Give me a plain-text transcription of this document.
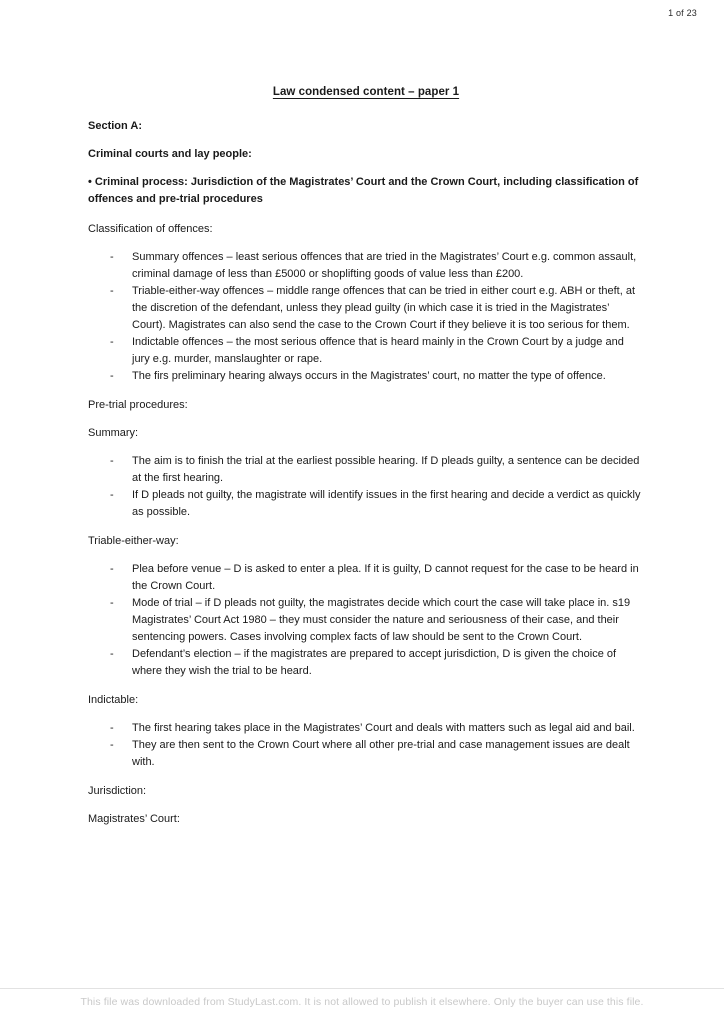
1 of 23
Law condensed content – paper 1

Section A:

Criminal courts and lay people:

• Criminal process: Jurisdiction of the Magistrates’ Court and the Crown Court, including classification of offences and pre-trial procedures

Classification of offences:

-	Summary offences – least serious offences that are tried in the Magistrates’ Court e.g. common assault, criminal damage of less than £5000 or shoplifting goods of value less than £200.
-	Triable-either-way offences – middle range offences that can be tried in either court e.g. ABH or theft, at the discretion of the defendant, unless they plead guilty (in which case it is tried in the Magistrates’ Court). Magistrates can also send the case to the Crown Court if they believe it is too serious for them.
-	Indictable offences – the most serious offence that is heard mainly in the Crown Court by a judge and jury e.g. murder, manslaughter or rape.
-	The firs preliminary hearing always occurs in the Magistrates’ court, no matter the type of offence.

Pre-trial procedures:

Summary:

-	The aim is to finish the trial at the earliest possible hearing. If D pleads guilty, a sentence can be decided at the first hearing.
-	If D pleads not guilty, the magistrate will identify issues in the first hearing and decide a verdict as quickly as possible.

Triable-either-way:

-	Plea before venue – D is asked to enter a plea. If it is guilty, D cannot request for the case to be heard in the Crown Court.
-	Mode of trial – if D pleads not guilty, the magistrates decide which court the case will take place in. s19 Magistrates’ Court Act 1980 – they must consider the nature and seriousness of their case, and their sentencing powers. Cases involving complex facts of law should be sent to the Crown Court.
-	Defendant’s election – if the magistrates are prepared to accept jurisdiction, D is given the choice of where they wish the trial to be heard.

Indictable:

-	The first hearing takes place in the Magistrates’ Court and deals with matters such as legal aid and bail.
-	They are then sent to the Crown Court where all other pre-trial and case management issues are dealt with.

Jurisdiction:

Magistrates’ Court:

This file was downloaded from StudyLast.com. It is not allowed to publish it elsewhere. Only the buyer can use this file.
